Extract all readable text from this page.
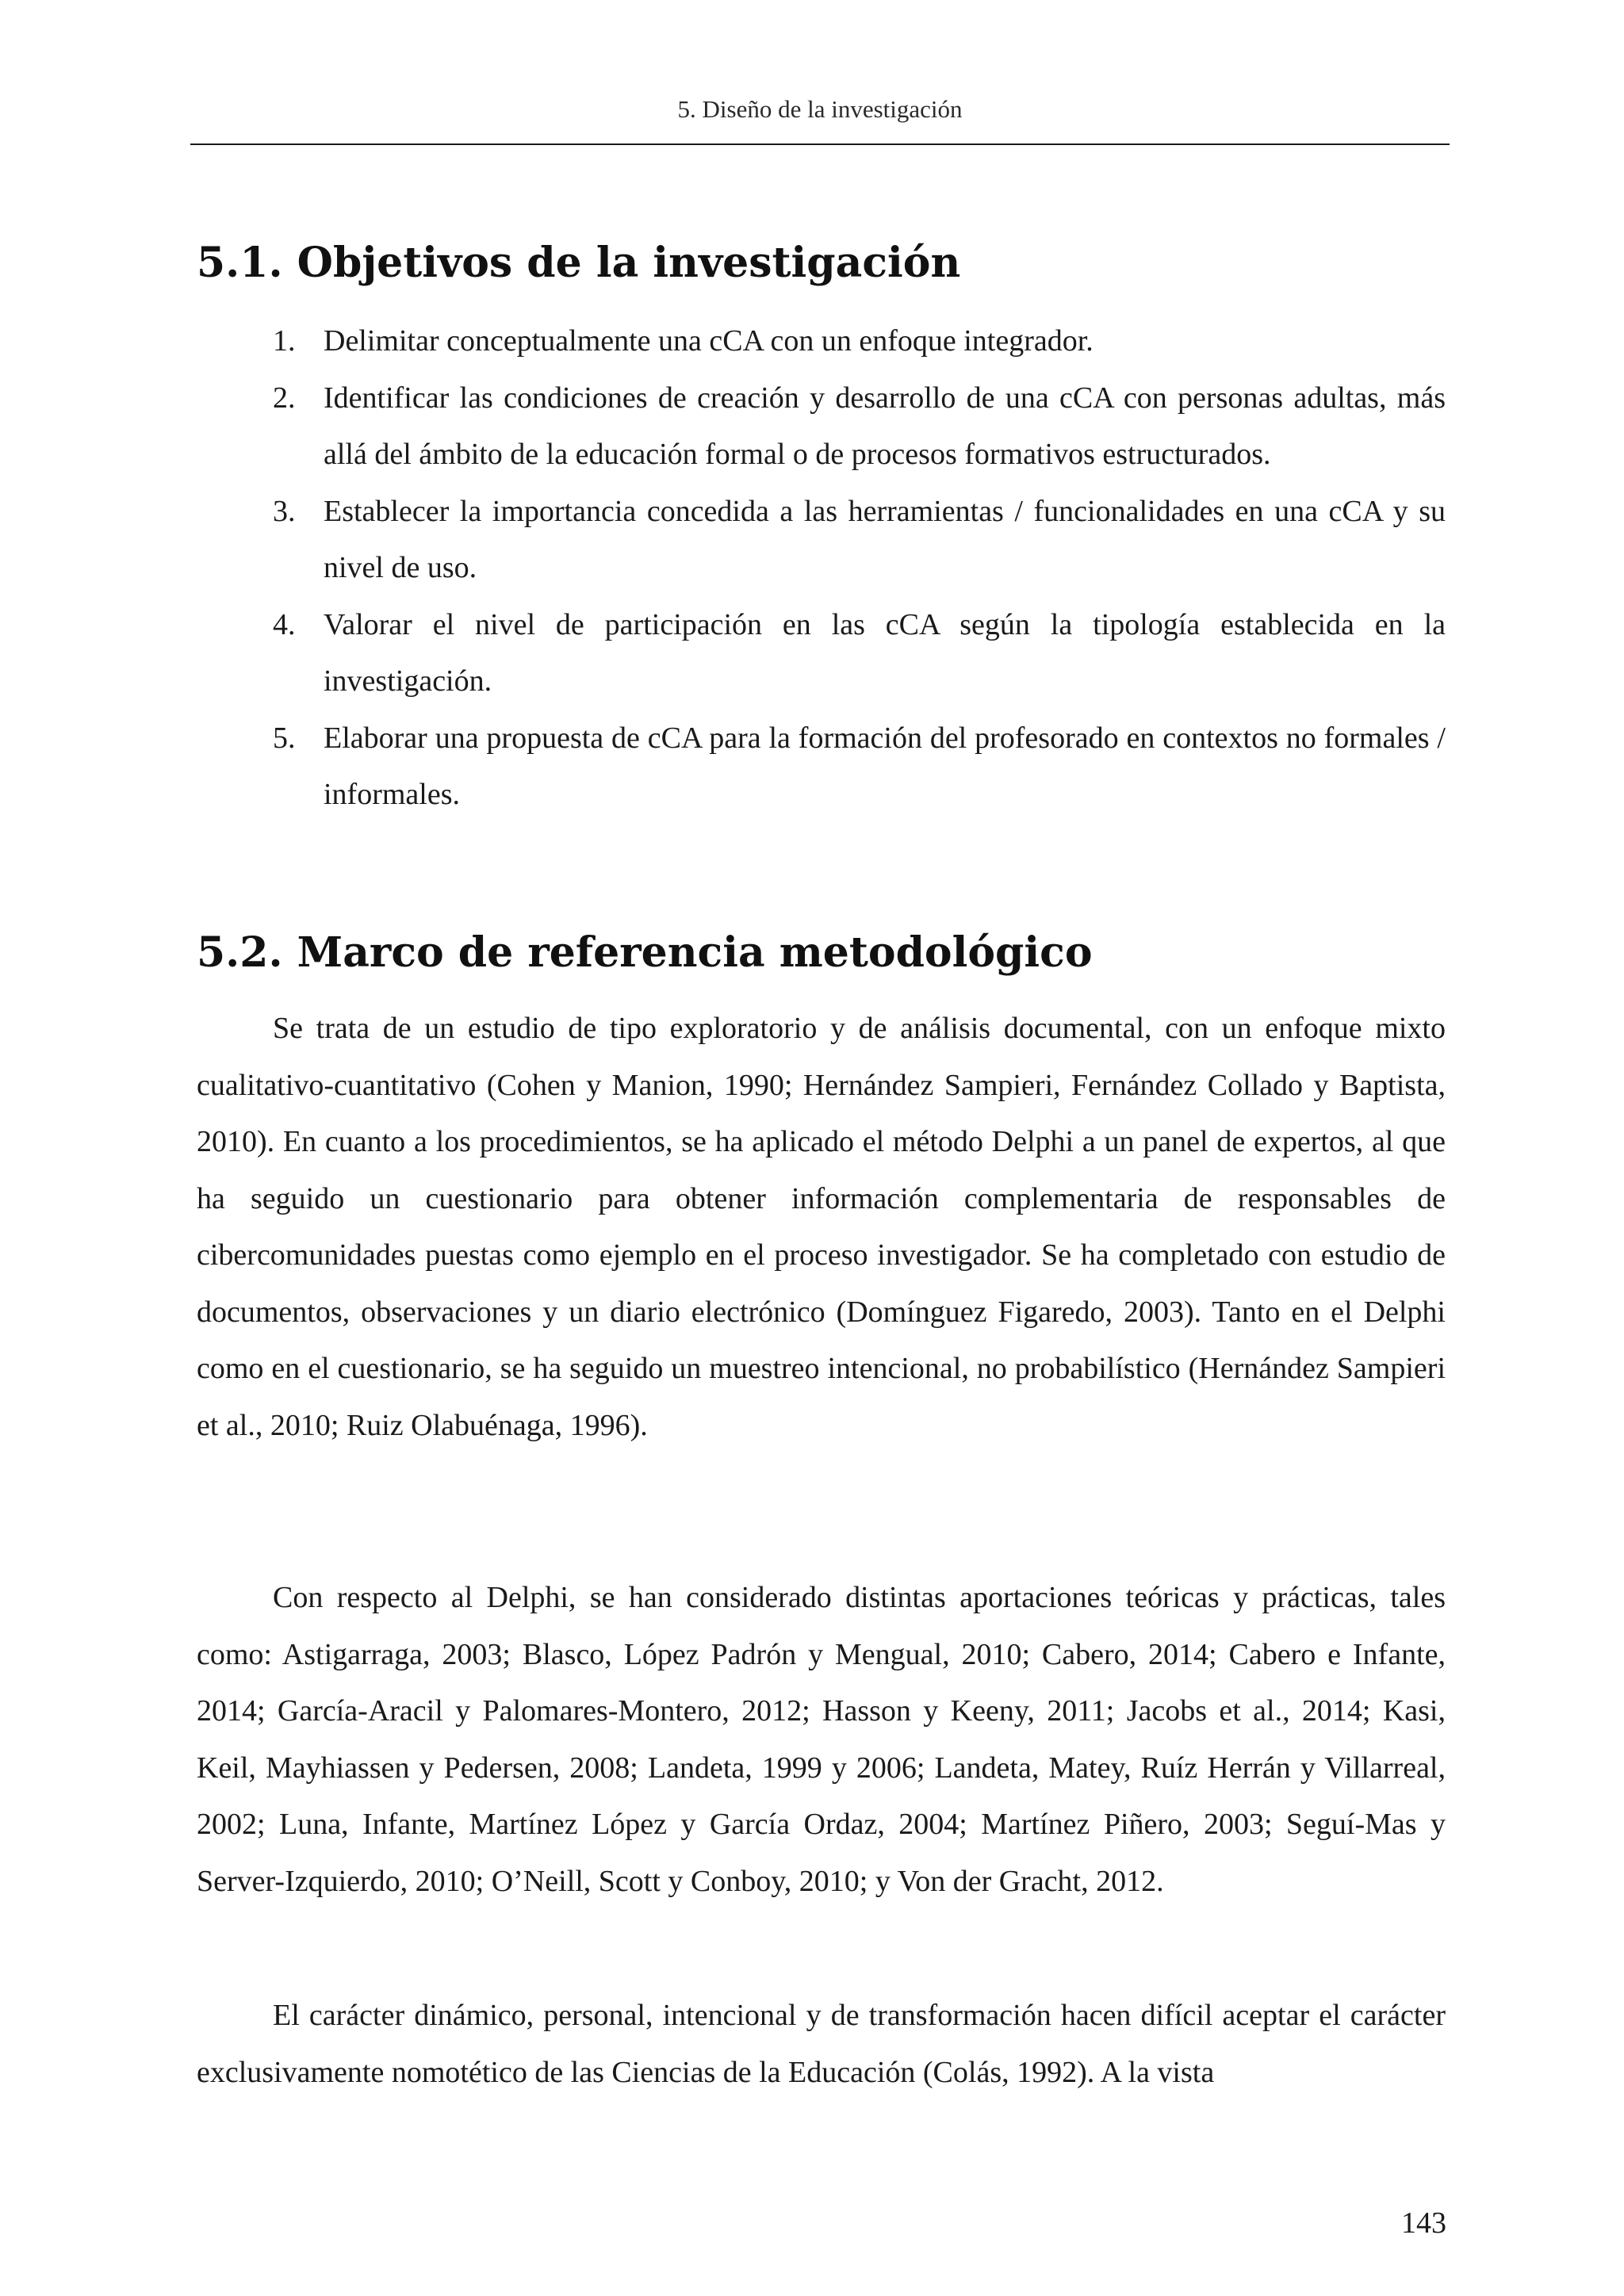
5. Diseño de la investigación
5.1. Objetivos de la investigación
1. Delimitar conceptualmente una cCA con un enfoque integrador.
2. Identificar las condiciones de creación y desarrollo de una cCA con personas adultas, más allá del ámbito de la educación formal o de procesos formativos estructurados.
3. Establecer la importancia concedida a las herramientas / funcionalidades en una cCA y su nivel de uso.
4. Valorar el nivel de participación en las cCA según la tipología establecida en la investigación.
5. Elaborar una propuesta de cCA para la formación del profesorado en contextos no formales / informales.
5.2. Marco de referencia metodológico

Se trata de un estudio de tipo exploratorio y de análisis documental, con un enfoque mixto cualitativo-cuantitativo (Cohen y Manion, 1990; Hernández Sampieri, Fernández Collado y Baptista, 2010). En cuanto a los procedimientos, se ha aplicado el método Delphi a un panel de expertos, al que ha seguido un cuestionario para obtener información complementaria de responsables de cibercomunidades puestas como ejemplo en el proceso investigador. Se ha completado con estudio de documentos, observaciones y un diario electrónico (Domínguez Figaredo, 2003). Tanto en el Delphi como en el cuestionario, se ha seguido un muestreo intencional, no probabilístico (Hernández Sampieri et al., 2010; Ruiz Olabuénaga, 1996).

Con respecto al Delphi, se han considerado distintas aportaciones teóricas y prácticas, tales como: Astigarraga, 2003; Blasco, López Padrón y Mengual, 2010; Cabero, 2014; Cabero e Infante, 2014; García-Aracil y Palomares-Montero, 2012; Hasson y Keeny, 2011; Jacobs et al., 2014; Kasi, Keil, Mayhiassen y Pedersen, 2008; Landeta, 1999 y 2006; Landeta, Matey, Ruíz Herrán y Villarreal, 2002; Luna, Infante, Martínez López y García Ordaz, 2004; Martínez Piñero, 2003; Seguí-Mas y Server-Izquierdo, 2010; O’Neill, Scott y Conboy, 2010; y Von der Gracht, 2012.

El carácter dinámico, personal, intencional y de transformación hacen difícil aceptar el carácter exclusivamente nomotético de las Ciencias de la Educación (Colás, 1992). A la vista

143
